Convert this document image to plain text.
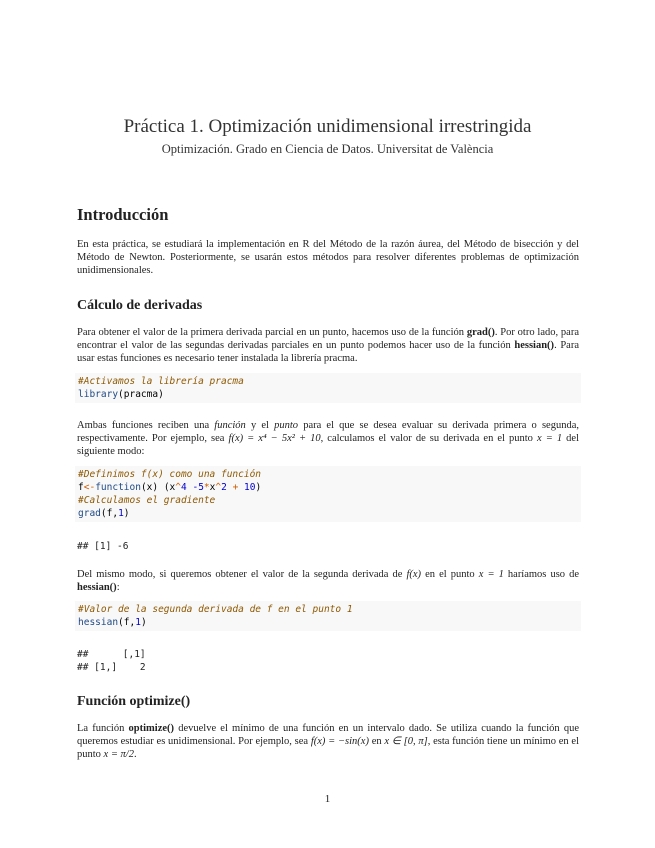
Práctica 1. Optimización unidimensional irrestringida
Optimización. Grado en Ciencia de Datos. Universitat de València
Introducción

En esta práctica, se estudiará la implementación en R del Método de la razón áurea, del Método de bisección y del Método de Newton. Posteriormente, se usarán estos métodos para resolver diferentes problemas de optimización unidimensionales.

Cálculo de derivadas

Para obtener el valor de la primera derivada parcial en un punto, hacemos uso de la función grad(). Por otro lado, para encontrar el valor de las segundas derivadas parciales en un punto podemos hacer uso de la función hessian(). Para usar estas funciones es necesario tener instalada la librería pracma.

#Activamos la librería pracma
library(pracma)

Ambas funciones reciben una función y el punto para el que se desea evaluar su derivada primera o segunda, respectivamente. Por ejemplo, sea f(x) = x⁴ − 5x² + 10, calculamos el valor de su derivada en el punto x = 1 del siguiente modo:

#Definimos f(x) como una función
f<-function(x) (x^4 -5*x^2 + 10)
#Calculamos el gradiente
grad(f,1)
## [1] -6

Del mismo modo, si queremos obtener el valor de la segunda derivada de f(x) en el punto x = 1 haríamos uso de hessian():

#Valor de la segunda derivada de f en el punto 1
hessian(f,1)
##      [,1]
## [1,]    2
Función optimize()

La función optimize() devuelve el mínimo de una función en un intervalo dado. Se utiliza cuando la función que queremos estudiar es unidimensional. Por ejemplo, sea f(x) = −sin(x) en x ∈ [0, π], esta función tiene un mínimo en el punto x = π/2.

1
